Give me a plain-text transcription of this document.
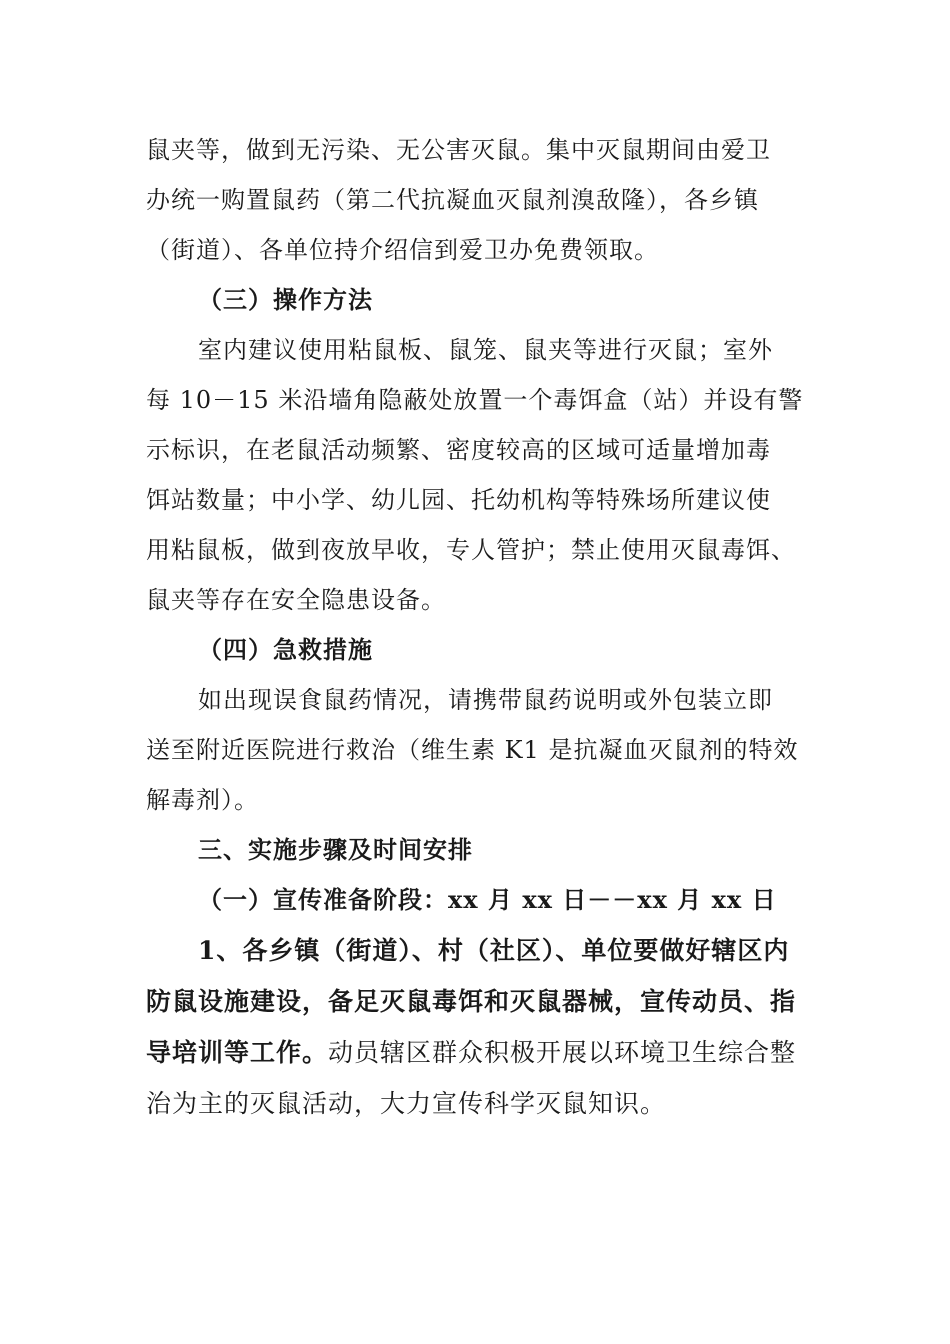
鼠夹等，做到无污染、无公害灭鼠。集中灭鼠期间由爱卫
办统一购置鼠药（第二代抗凝血灭鼠剂溴敌隆），各乡镇
（街道）、各单位持介绍信到爱卫办免费领取。
（三）操作方法
室内建议使用粘鼠板、鼠笼、鼠夹等进行灭鼠；室外
每 10－15 米沿墙角隐蔽处放置一个毒饵盒（站）并设有警
示标识，在老鼠活动频繁、密度较高的区域可适量增加毒
饵站数量；中小学、幼儿园、托幼机构等特殊场所建议使
用粘鼠板，做到夜放早收，专人管护；禁止使用灭鼠毒饵、
鼠夹等存在安全隐患设备。
（四）急救措施
如出现误食鼠药情况，请携带鼠药说明或外包装立即
送至附近医院进行救治（维生素 K1 是抗凝血灭鼠剂的特效
解毒剂）。
三、实施步骤及时间安排
（一）宣传准备阶段：xx 月 xx 日－－xx 月 xx 日
1、各乡镇（街道）、村（社区）、单位要做好辖区内
防鼠设施建设，备足灭鼠毒饵和灭鼠器械，宣传动员、指
导培训等工作。动员辖区群众积极开展以环境卫生综合整
治为主的灭鼠活动，大力宣传科学灭鼠知识。
